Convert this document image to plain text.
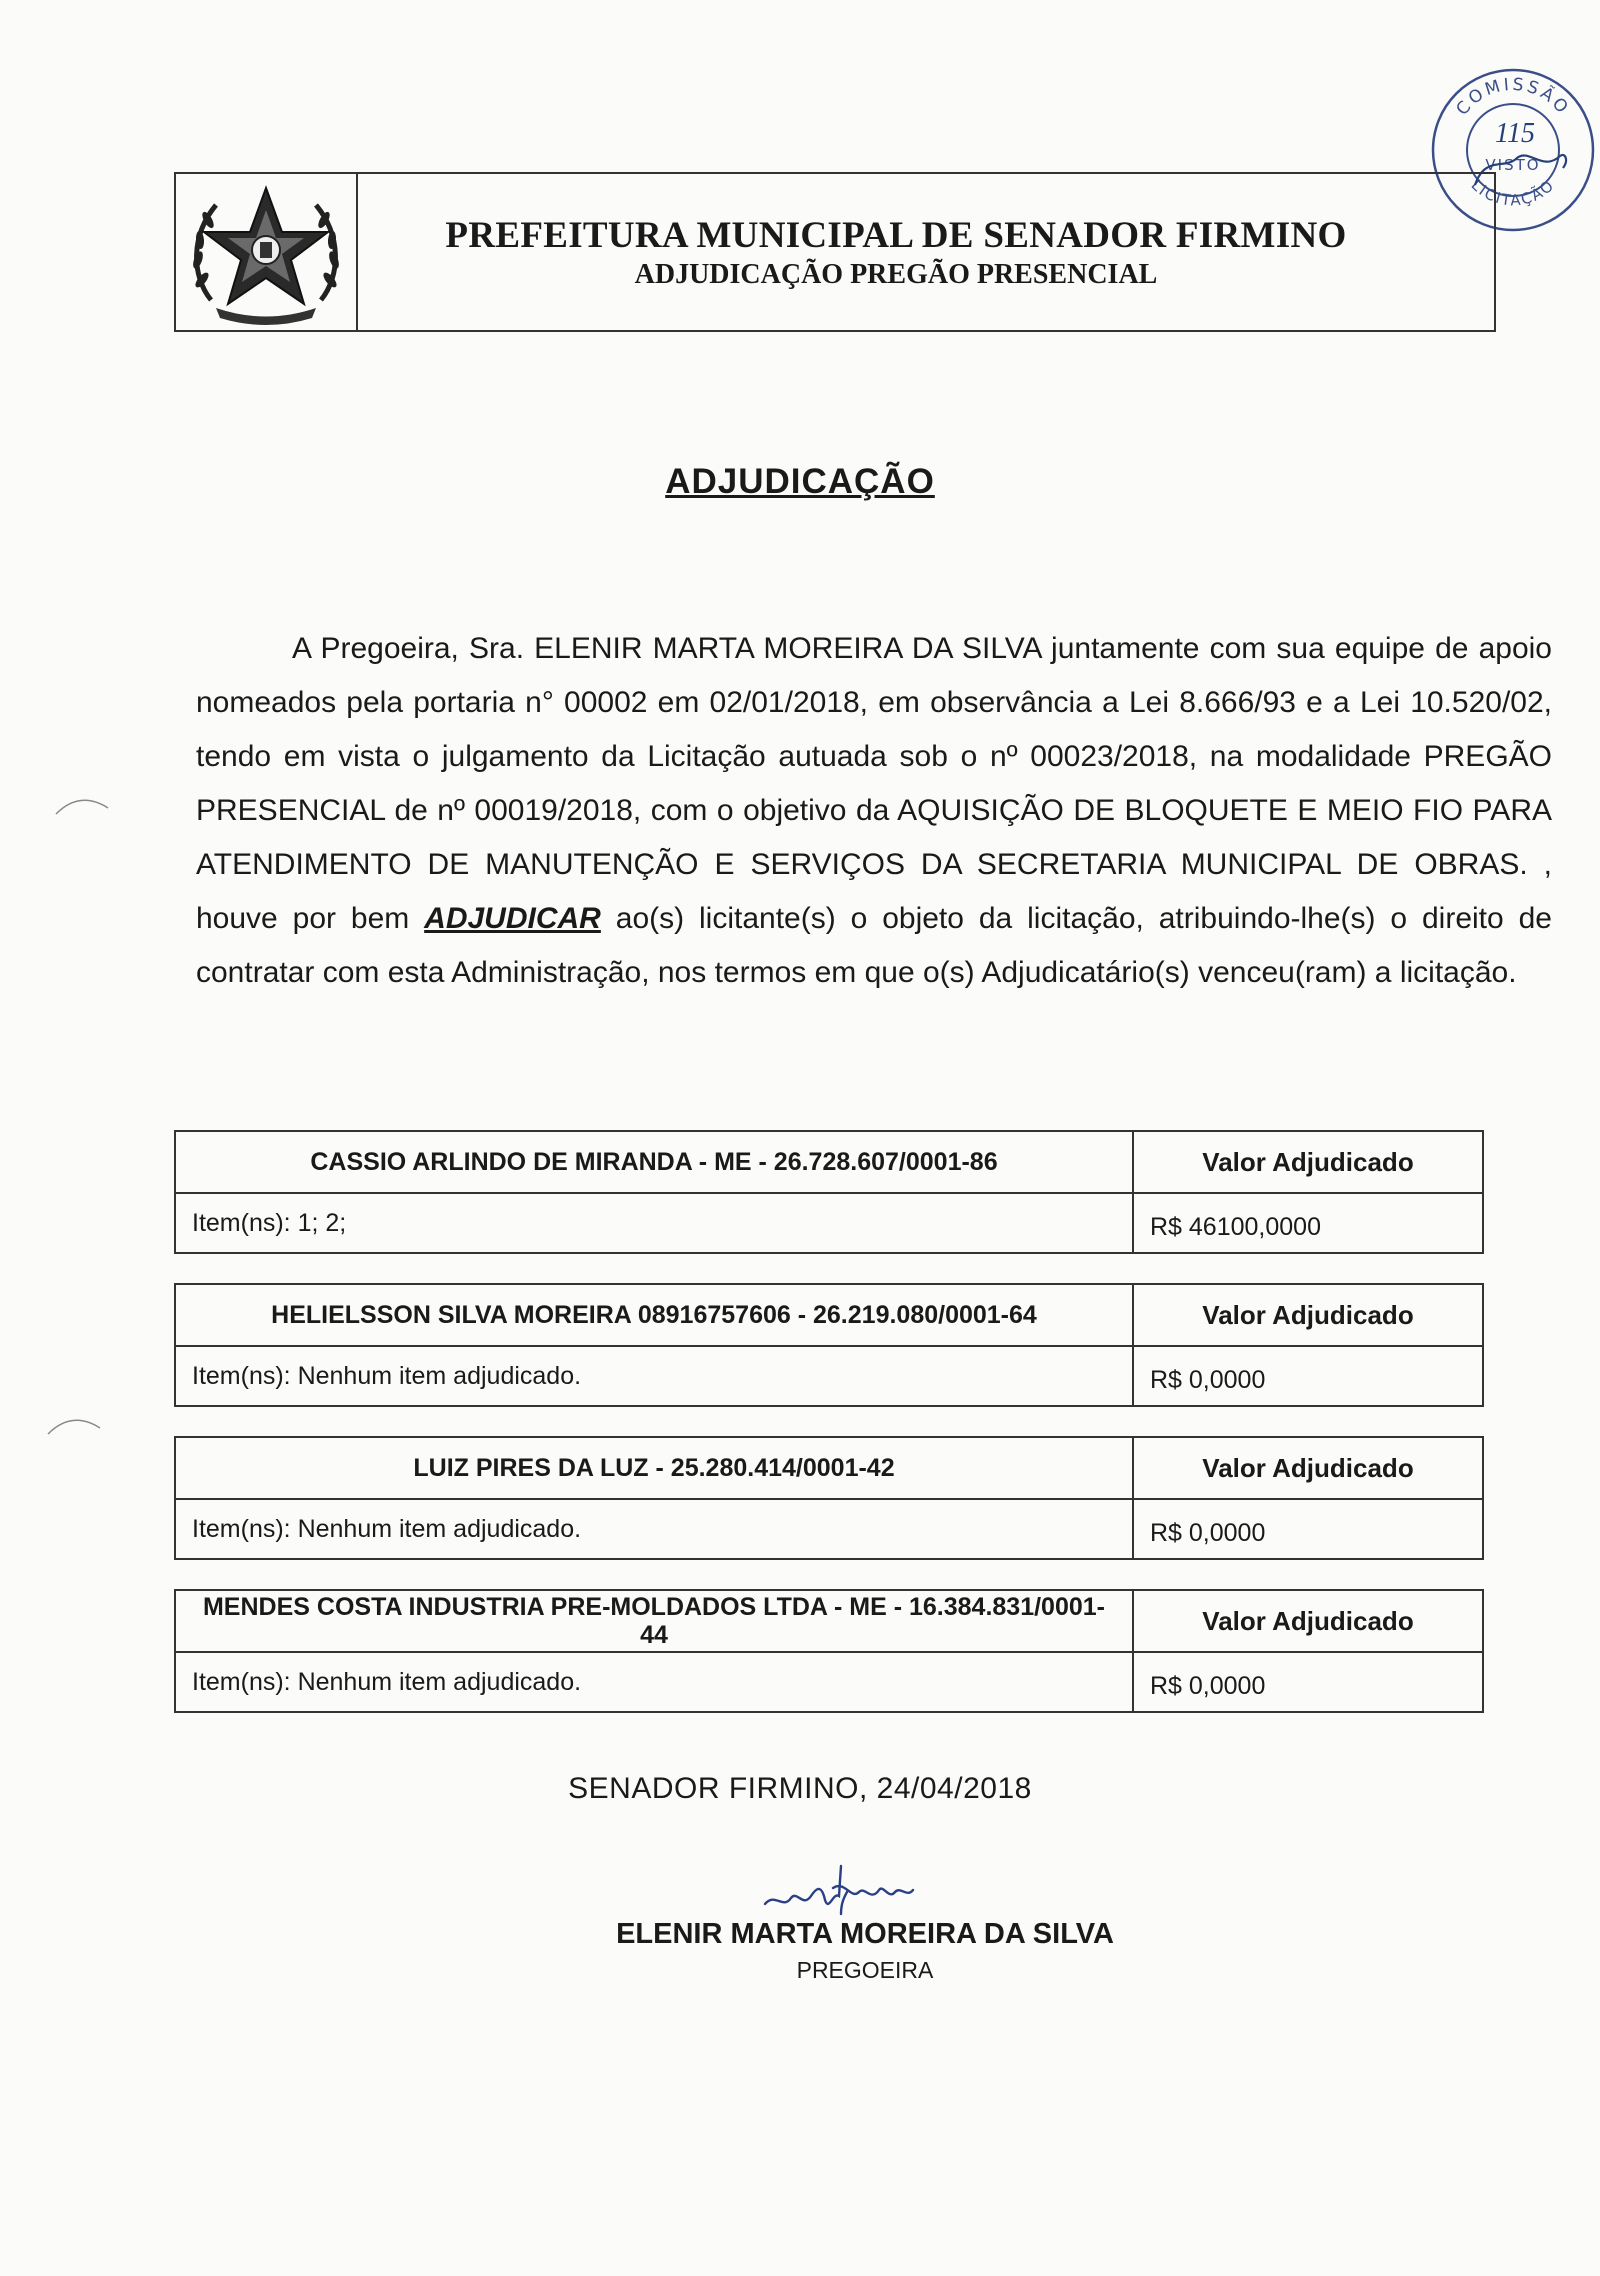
COMISSÃO
115
VISTO
LICITAÇÃO
PREFEITURA MUNICIPAL DE SENADOR FIRMINO
ADJUDICAÇÃO PREGÃO PRESENCIAL
ADJUDICAÇÃO

A Pregoeira, Sra. ELENIR MARTA MOREIRA DA SILVA juntamente com sua equipe de apoio nomeados pela portaria n° 00002 em 02/01/2018, em observância a Lei 8.666/93 e a Lei 10.520/02, tendo em vista o julgamento da Licitação autuada sob o nº 00023/2018, na modalidade PREGÃO PRESENCIAL de nº 00019/2018, com o objetivo da AQUISIÇÃO DE BLOQUETE E MEIO FIO PARA ATENDIMENTO DE MANUTENÇÃO E SERVIÇOS DA SECRETARIA MUNICIPAL DE OBRAS. , houve por bem ADJUDICAR ao(s) licitante(s) o objeto da licitação, atribuindo-lhe(s) o direito de contratar com esta Administração, nos termos em que o(s) Adjudicatário(s) venceu(ram) a licitação.

CASSIO ARLINDO DE MIRANDA - ME - 26.728.607/0001-86	Valor Adjudicado
Item(ns): 1; 2;	R$ 46100,0000
HELIELSSON SILVA MOREIRA 08916757606 - 26.219.080/0001-64	Valor Adjudicado
Item(ns): Nenhum item adjudicado.	R$ 0,0000
LUIZ PIRES DA LUZ - 25.280.414/0001-42	Valor Adjudicado
Item(ns): Nenhum item adjudicado.	R$ 0,0000
MENDES COSTA INDUSTRIA PRE-MOLDADOS LTDA - ME - 16.384.831/0001-44	Valor Adjudicado
Item(ns): Nenhum item adjudicado.	R$ 0,0000
SENADOR FIRMINO, 24/04/2018
ELENIR MARTA MOREIRA DA SILVA
PREGOEIRA
